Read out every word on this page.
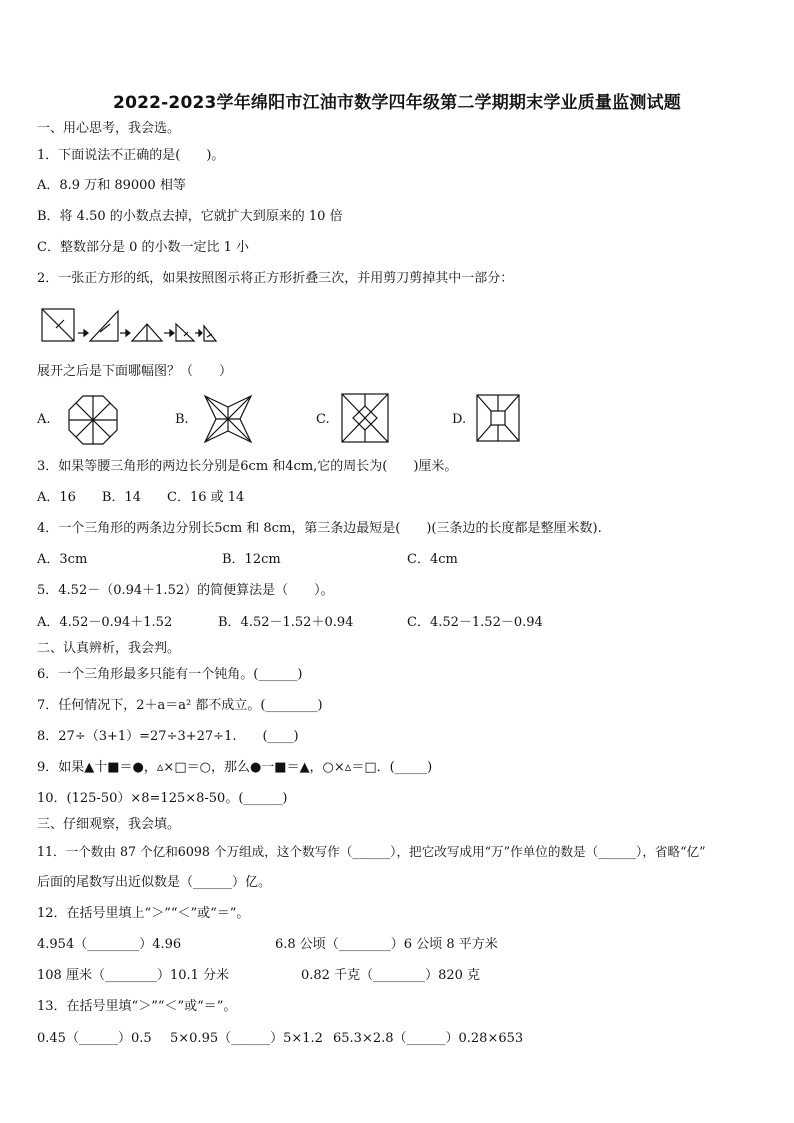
2022-2023学年绵阳市江油市数学四年级第二学期期末学业质量监测试题
一、用心思考，我会选。
1．下面说法不正确的是(　　)。
A．8.9 万和 89000 相等
B．将 4.50 的小数点去掉，它就扩大到原来的 10 倍
C．整数部分是 0 的小数一定比 1 小
2．一张正方形的纸，如果按照图示将正方形折叠三次，并用剪刀剪掉其中一部分：
展开之后是下面哪幅图？（　　）
A.	B.	C.	D.
3．如果等腰三角形的两边长分别是6cm 和4cm,它的周长为(　　)厘米。
A．16　　B．14　　C．16 或 14
4．一个三角形的两条边分别长5cm 和 8cm，第三条边最短是(　　)(三条边的长度都是整厘米数).
A．3cm	B．12cm	C．4cm
5．4.52－（0.94＋1.52）的简便算法是（　　）。
A．4.52－0.94＋1.52	B．4.52－1.52＋0.94	C．4.52－1.52－0.94
二、认真辨析，我会判。
6．一个三角形最多只能有一个钝角。(______)
7．任何情况下，2＋a＝a² 都不成立。(________)
8．27÷（3+1）=27÷3+27÷1.　　(____)
9．如果▲十■＝●，▵×□＝○，那么●一■＝▲，○×▵＝□．(_____)
10．(125-50）×8=125×8-50。(______)
三、仔细观察，我会填。
11．一个数由 87 个亿和6098 个万组成，这个数写作（______），把它改写成用“万”作单位的数是（______），省略“亿”
后面的尾数写出近似数是（______）亿。
12．在括号里填上“＞”“＜”或“＝”。
4.954（________）4.96	6.8 公顷（________）6 公顷 8 平方米
108 厘米（________）10.1 分米	0.82 千克（________）820 克
13．在括号里填“＞”“＜”或“＝”。
0.45（______）0.5 5×0.95（______）5×1.2 65.3×2.8（______）0.28×653
